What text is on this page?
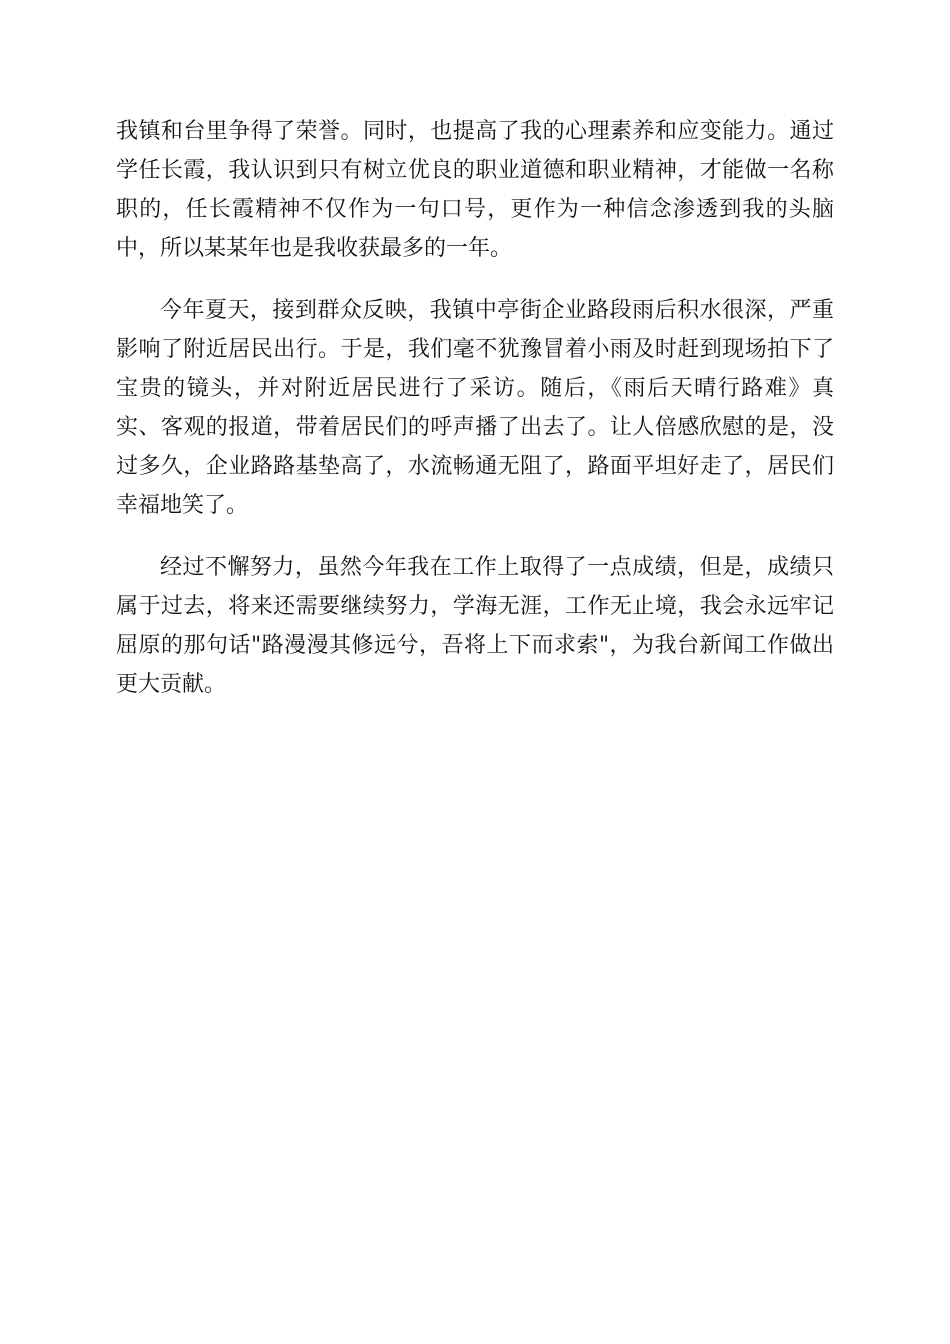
我镇和台里争得了荣誉。同时，也提高了我的心理素养和应变能力。通过
学任长霞，我认识到只有树立优良的职业道德和职业精神，才能做一名称
职的，任长霞精神不仅作为一句口号，更作为一种信念渗透到我的头脑
中，所以某某年也是我收获最多的一年。
今年夏天，接到群众反映，我镇中亭街企业路段雨后积水很深，严重
影响了附近居民出行。于是，我们毫不犹豫冒着小雨及时赶到现场拍下了
宝贵的镜头，并对附近居民进行了采访。随后，《雨后天晴行路难》真
实、客观的报道，带着居民们的呼声播了出去了。让人倍感欣慰的是，没
过多久，企业路路基垫高了，水流畅通无阻了，路面平坦好走了，居民们
幸福地笑了。
经过不懈努力，虽然今年我在工作上取得了一点成绩，但是，成绩只
属于过去，将来还需要继续努力，学海无涯，工作无止境，我会永远牢记
屈原的那句话"路漫漫其修远兮，吾将上下而求索"，为我台新闻工作做出
更大贡献。
